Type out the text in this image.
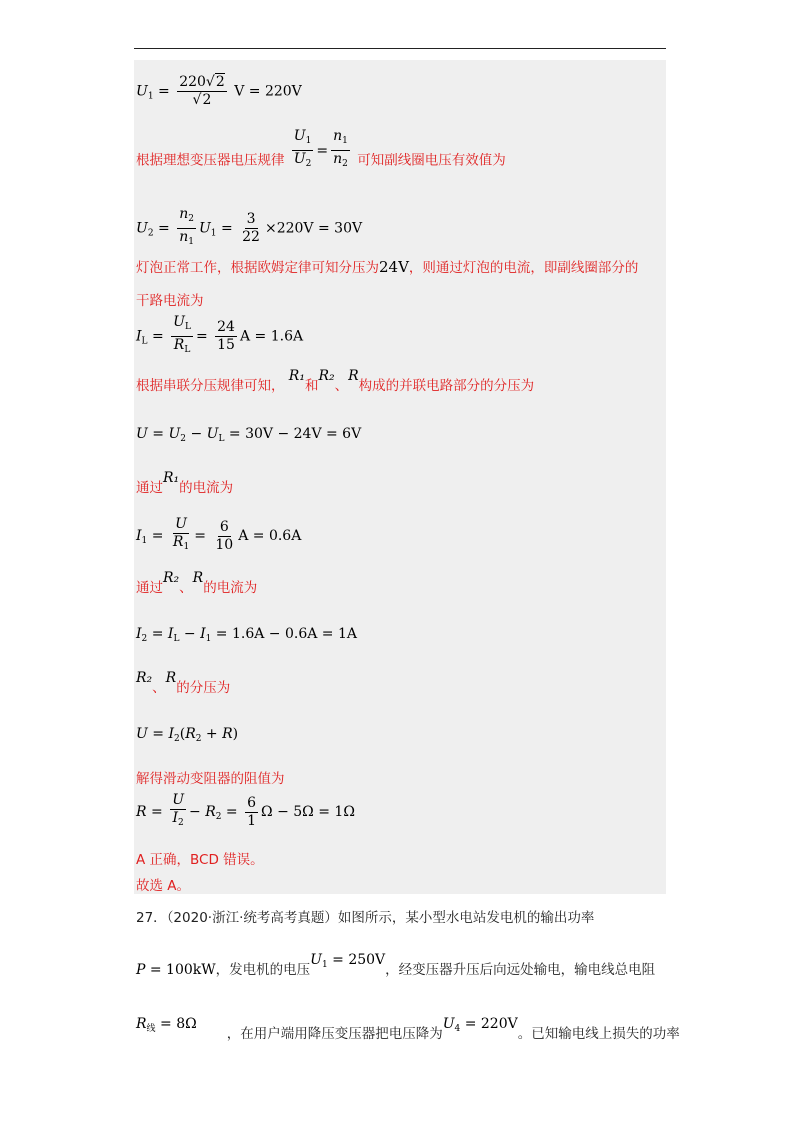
$U_1 = \frac{220√2}{√2}$ V = 220V
根据理想变压器电压规律 $\frac{U_1}{U_2} = \frac{n_1}{n_2}$ 可知副线圈电压有效值为
$U_2 = \frac{n_2}{n_1} U_1 = \frac{3}{22} \times 220V = 30V$
灯泡正常工作，根据欧姆定律可知分压为24V，则通过灯泡的电流，即副线圈部分的
干路电流为
$I_L = \frac{U_L}{R_L} = \frac{24}{15}$ A = 1.6A
根据串联分压规律可知， R₁和R₂、R构成的并联电路部分的分压为
$U = U_2 - U_L = 30V - 24V = 6V$
通过R₁的电流为
$I_1 = \frac{U}{R_1} = \frac{6}{10}$ A = 0.6A
通过R₂、R的电流为
$I_2 = I_L - I_1 = 1.6A - 0.6A = 1A$
R₂、R的分压为
$U = I_2(R_2 + R)$
解得滑动变阻器的阻值为
$R = \frac{U}{I_2} - R_2 = \frac{6}{1}$ Ω − 5Ω = 1Ω
A 正确，BCD 错误。
故选 A。
27．（2020·浙江·统考高考真题）如图所示，某小型水电站发电机的输出功率
P = 100kW，发电机的电压$U_1 = 250V$，经变压器升压后向远处输电，输电线总电阻
$R_线 = 8\Omega$，在用户端用降压变压器把电压降为$U_4 = 220V$。已知输电线上损失的功率
